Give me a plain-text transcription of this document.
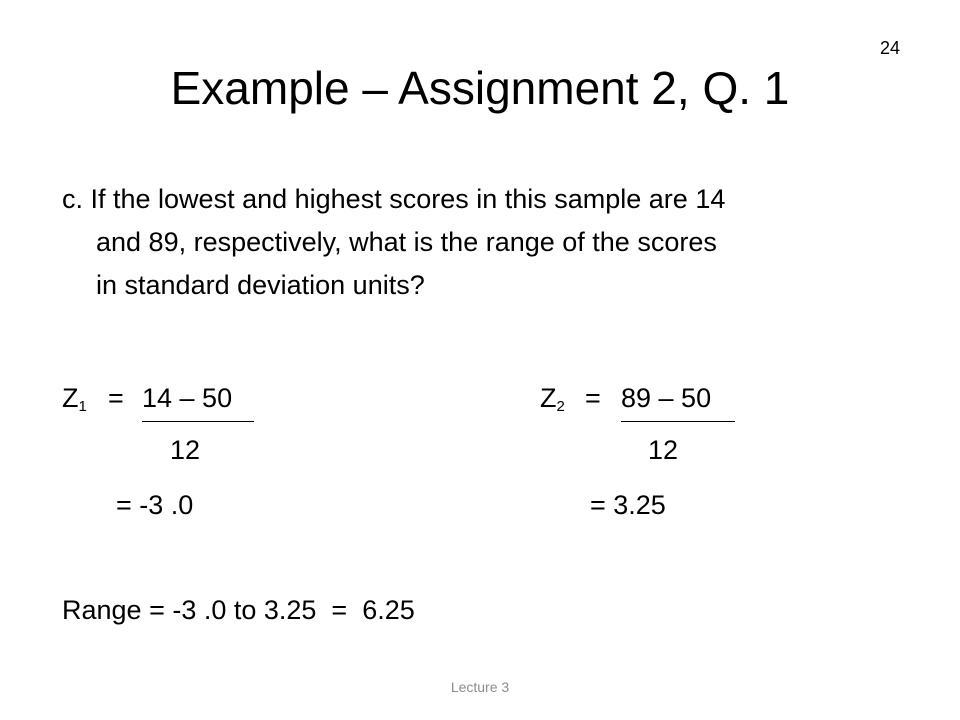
24
Example – Assignment 2, Q. 1
c. If the lowest and highest scores in this sample are 14
and 89, respectively, what is the range of the scores
in standard deviation units?
$Z_1 = 14 - 50$
12
= -3 .0
$Z_2 = 89 - 50$
12
= 3.25
Range = -3 .0 to 3.25  =  6.25
Lecture 3
